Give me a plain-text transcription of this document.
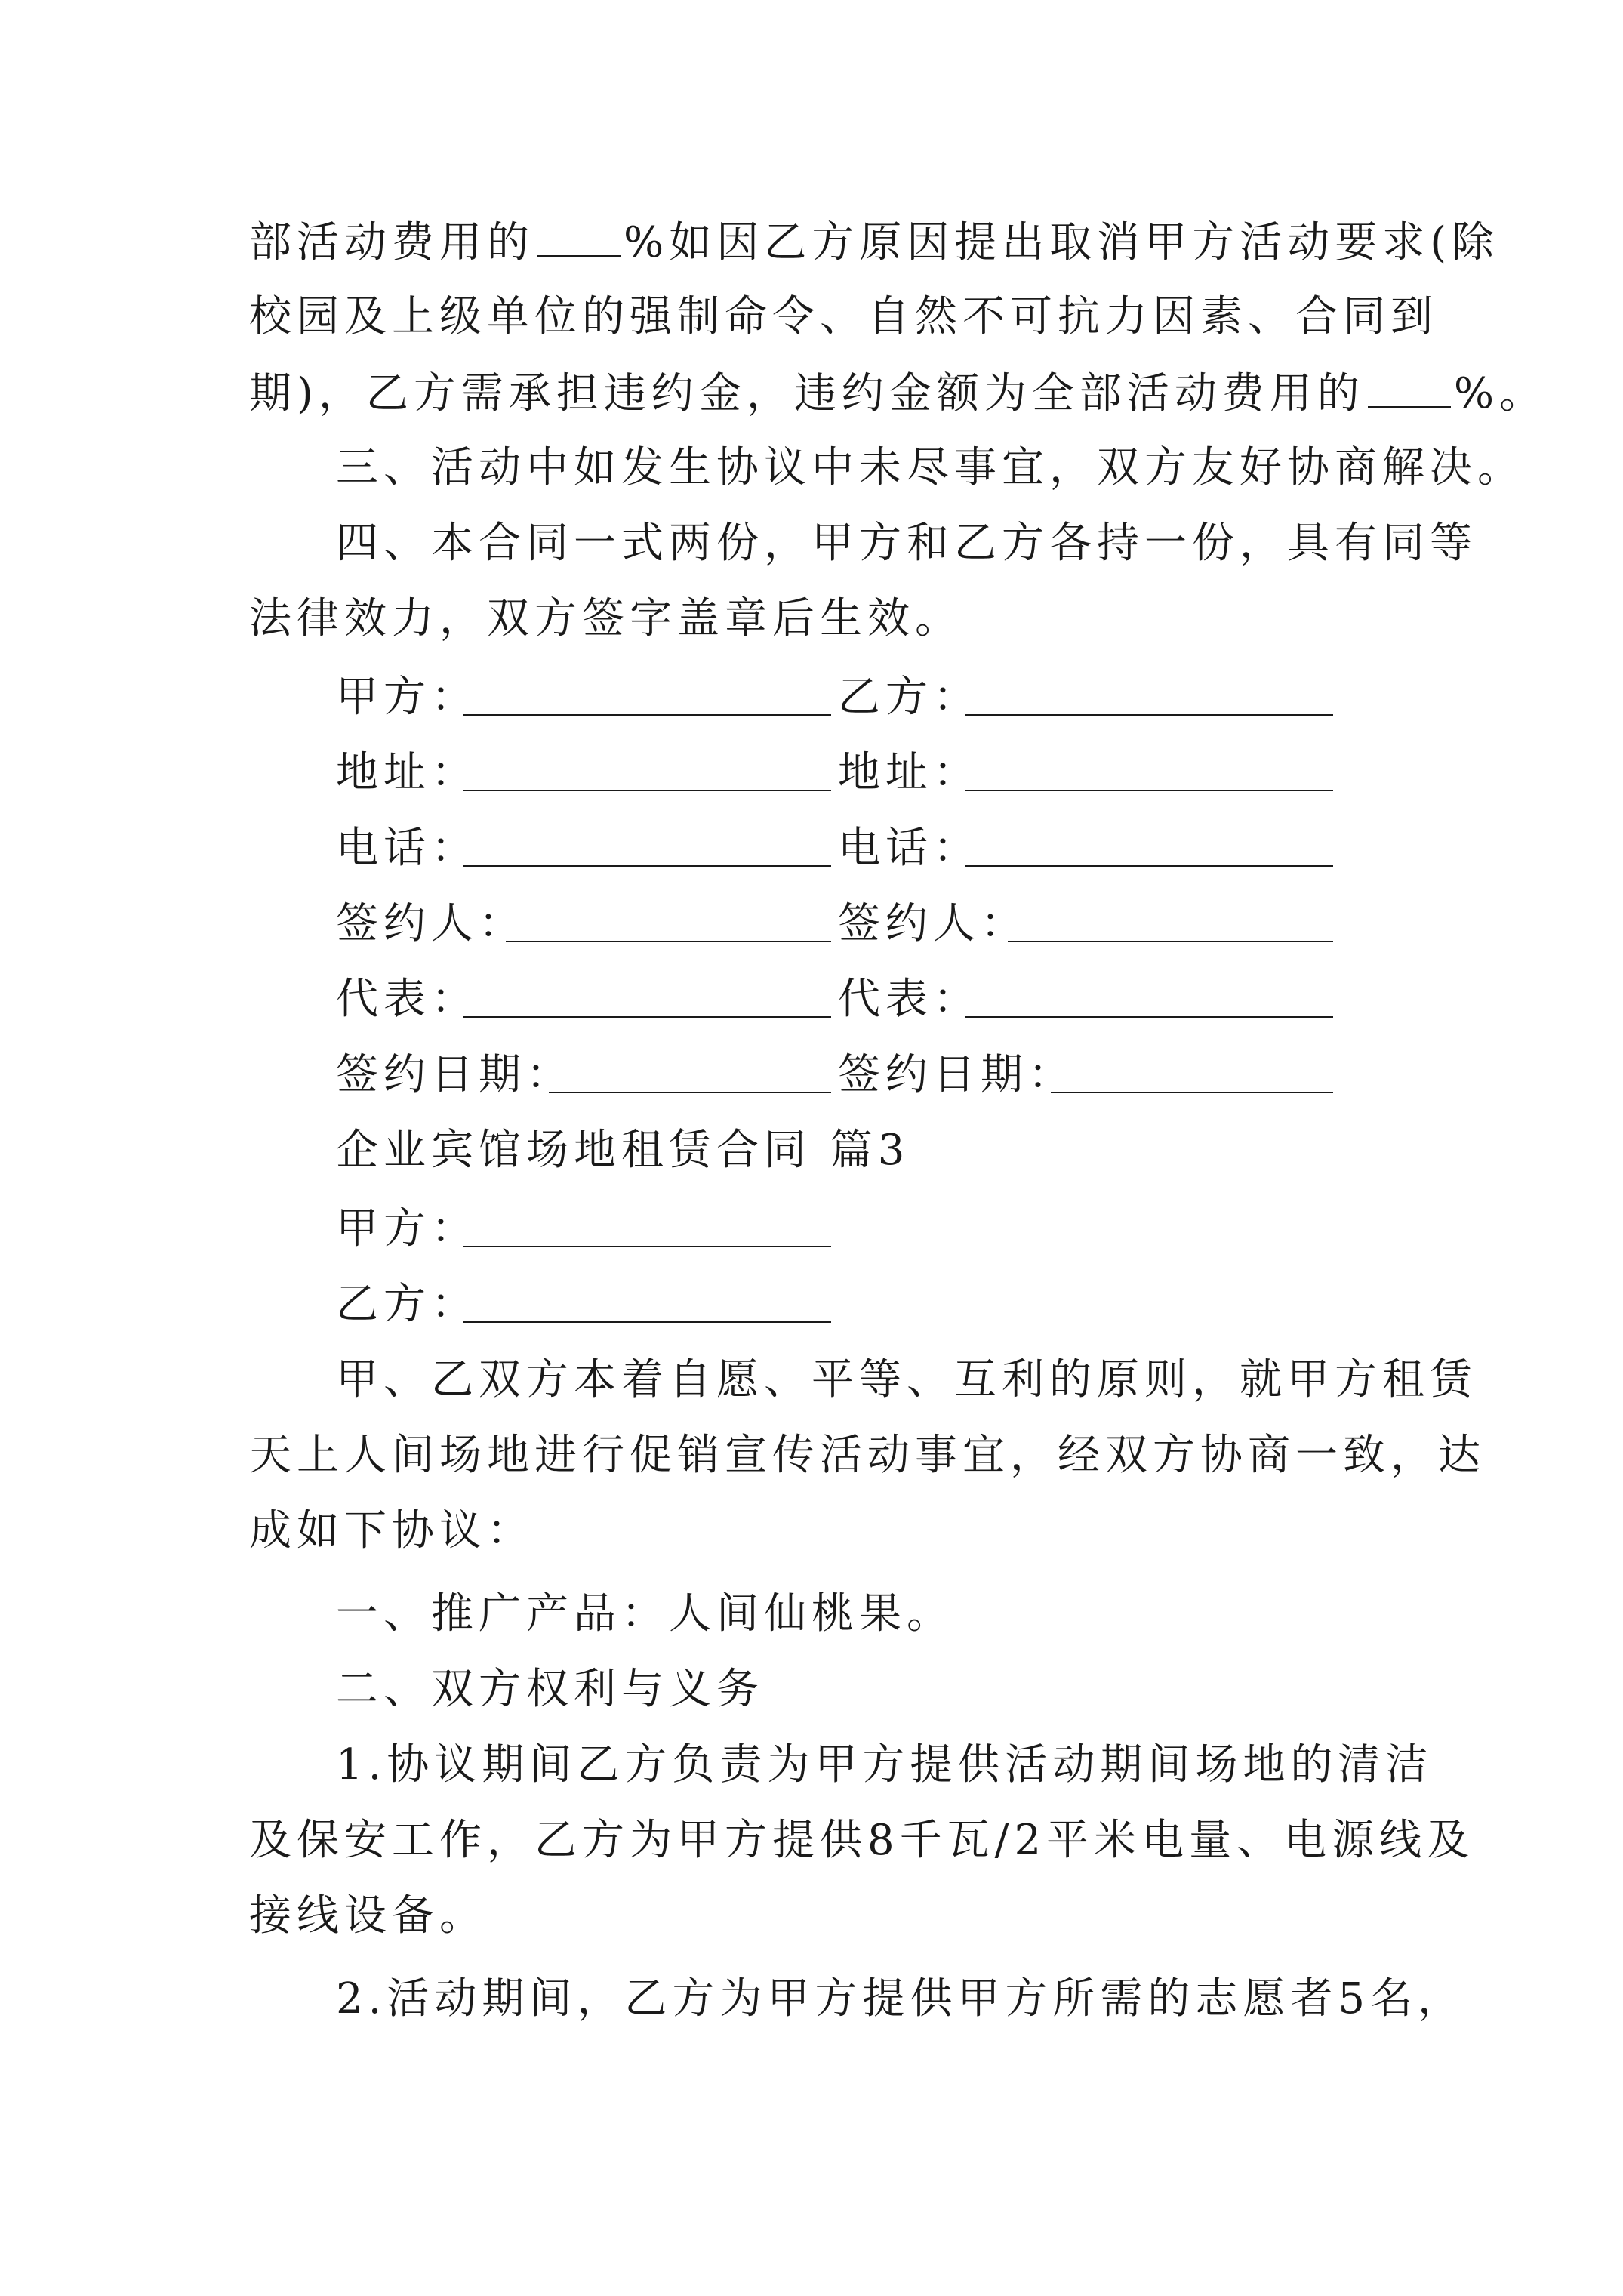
部活动费用的 %如因乙方原因提出取消甲方活动要求(除
校园及上级单位的强制命令、自然不可抗力因素、合同到
期)，乙方需承担违约金，违约金额为全部活动费用的 %。
三、活动中如发生协议中未尽事宜，双方友好协商解决。
四、本合同一式两份，甲方和乙方各持一份，具有同等
法律效力，双方签字盖章后生效。
甲方：	乙方：
地址：	地址：
电话：	电话：
签约人：	签约人：
代表：	代表：
签约日期：	签约日期：
企业宾馆场地租赁合同 篇3
甲方：
乙方：
甲、乙双方本着自愿、平等、互利的原则，就甲方租赁
天上人间场地进行促销宣传活动事宜，经双方协商一致，达
成如下协议：
一、推广产品：人间仙桃果。
二、双方权利与义务
1.协议期间乙方负责为甲方提供活动期间场地的清洁
及保安工作，乙方为甲方提供8千瓦/2平米电量、电源线及
接线设备。
2.活动期间，乙方为甲方提供甲方所需的志愿者5名，
